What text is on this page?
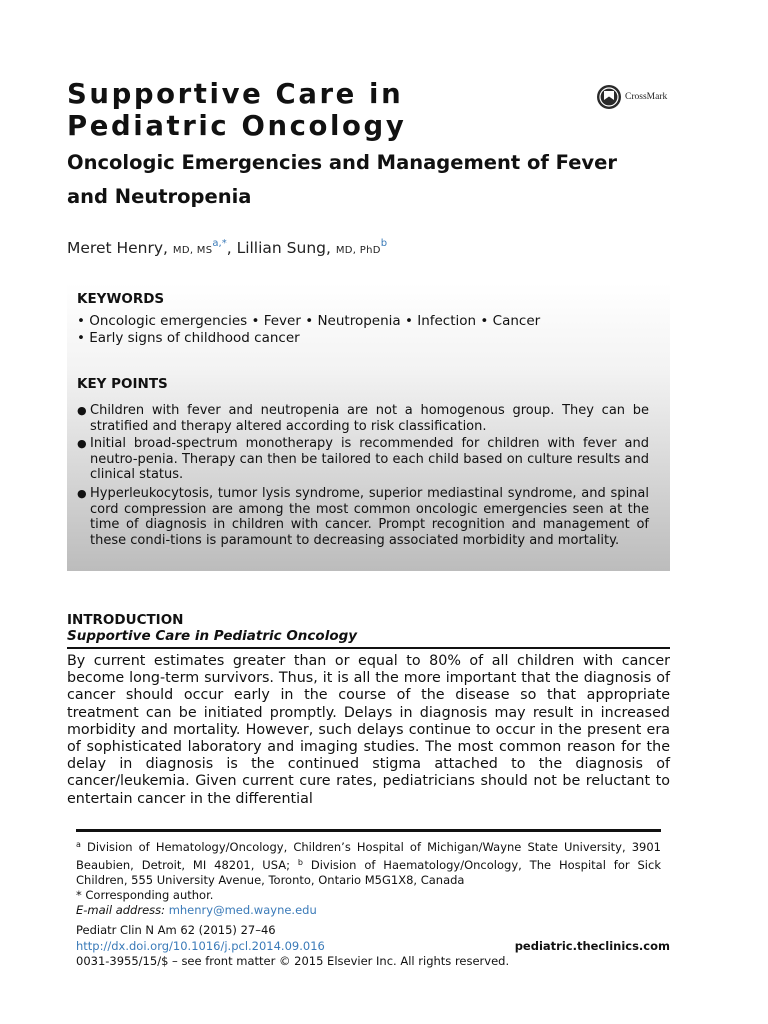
Supportive Care in
Pediatric Oncology
CrossMark
Oncologic Emergencies and Management of Fever
and Neutropenia
Meret Henry, MD, $MS^{a,*}$, Lillian Sung, MD, PhD$^b$
KEYWORDS
• Oncologic emergencies • Fever • Neutropenia • Infection • Cancer
• Early signs of childhood cancer
KEY POINTS
● Children with fever and neutropenia are not a homogenous group. They can be stratified and therapy altered according to risk classification.
● Initial broad-spectrum monotherapy is recommended for children with fever and neutro-penia. Therapy can then be tailored to each child based on culture results and clinical status.
● Hyperleukocytosis, tumor lysis syndrome, superior mediastinal syndrome, and spinal cord compression are among the most common oncologic emergencies seen at the time of diagnosis in children with cancer. Prompt recognition and management of these condi-tions is paramount to decreasing associated morbidity and mortality.
INTRODUCTION
Supportive Care in Pediatric Oncology
By current estimates greater than or equal to 80% of all children with cancer become long-term survivors. Thus, it is all the more important that the diagnosis of cancer should occur early in the course of the disease so that appropriate treatment can be initiated promptly. Delays in diagnosis may result in increased morbidity and mortality. However, such delays continue to occur in the present era of sophisticated laboratory and imaging studies. The most common reason for the delay in diagnosis is the continued stigma attached to the diagnosis of cancer/leukemia. Given current cure rates, pediatricians should not be reluctant to entertain cancer in the differential
$^a$ Division of Hematology/Oncology, Children’s Hospital of Michigan/Wayne State University, 3901 Beaubien, Detroit, MI 48201, USA; $^b$ Division of Haematology/Oncology, The Hospital for Sick Children, 555 University Avenue, Toronto, Ontario M5G1X8, Canada
* Corresponding author.
E-mail address: mhenry@med.wayne.edu
Pediatr Clin N Am 62 (2015) 27–46
http://dx.doi.org/10.1016/j.pcl.2014.09.016	pediatric.theclinics.com
0031-3955/15/$ – see front matter © 2015 Elsevier Inc. All rights reserved.
